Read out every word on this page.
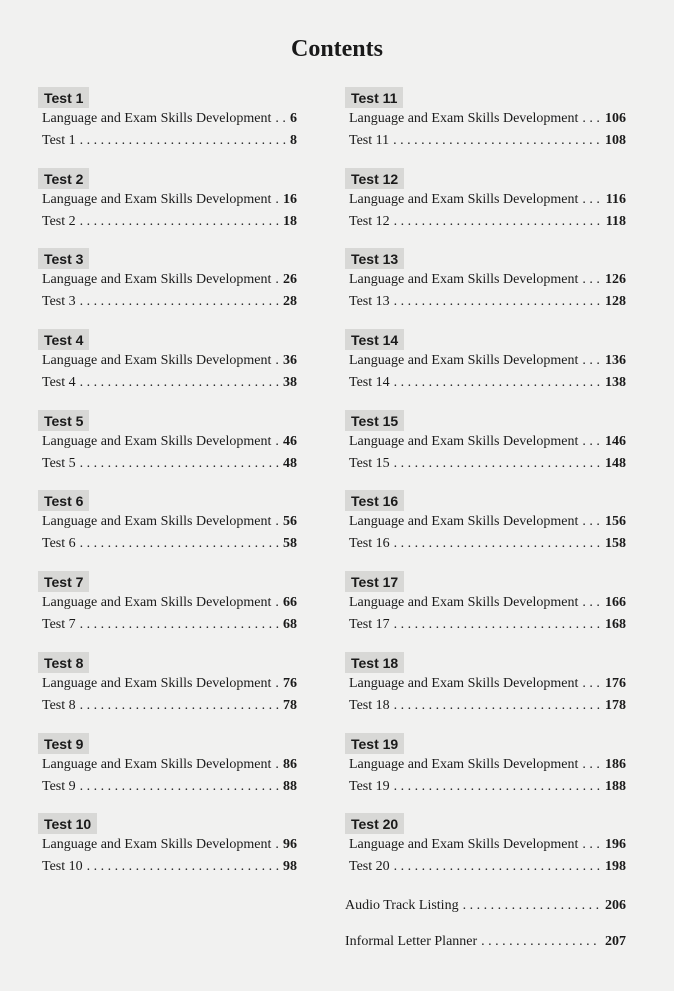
Contents
Test 1
Language and Exam Skills Development . . . 6
Test 1 . . .	8
Test 2
Language and Exam Skills Development . . . 16
Test 2 . . .	18
Test 3
Language and Exam Skills Development . . . 26
Test 3 . . .	28
Test 4
Language and Exam Skills Development . . . 36
Test 4 . . .	38
Test 5
Language and Exam Skills Development . . . 46
Test 5 . . .	48
Test 6
Language and Exam Skills Development . . . 56
Test 6 . . .	58
Test 7
Language and Exam Skills Development . . . 66
Test 7 . . .	68
Test 8
Language and Exam Skills Development . . . 76
Test 8 . . .	78
Test 9
Language and Exam Skills Development . . . 86
Test 9 . . .	88
Test 10
Language and Exam Skills Development . . . 96
Test 10 . . .	98
Test 11
Language and Exam Skills Development . . . 106
Test 11 . . .	108
Test 12
Language and Exam Skills Development . . . 116
Test 12 . . .	118
Test 13
Language and Exam Skills Development . . . 126
Test 13 . . .	128
Test 14
Language and Exam Skills Development . . . 136
Test 14 . . .	138
Test 15
Language and Exam Skills Development . . . 146
Test 15 . . .	148
Test 16
Language and Exam Skills Development . . . 156
Test 16 . . .	158
Test 17
Language and Exam Skills Development . . . 166
Test 17 . . .	168
Test 18
Language and Exam Skills Development . . . 176
Test 18 . . .	178
Test 19
Language and Exam Skills Development . . . 186
Test 19 . . .	188
Test 20
Language and Exam Skills Development . . . 196
Test 20 . . .	198
Audio Track Listing . . .	206
Informal Letter Planner . . .	207
